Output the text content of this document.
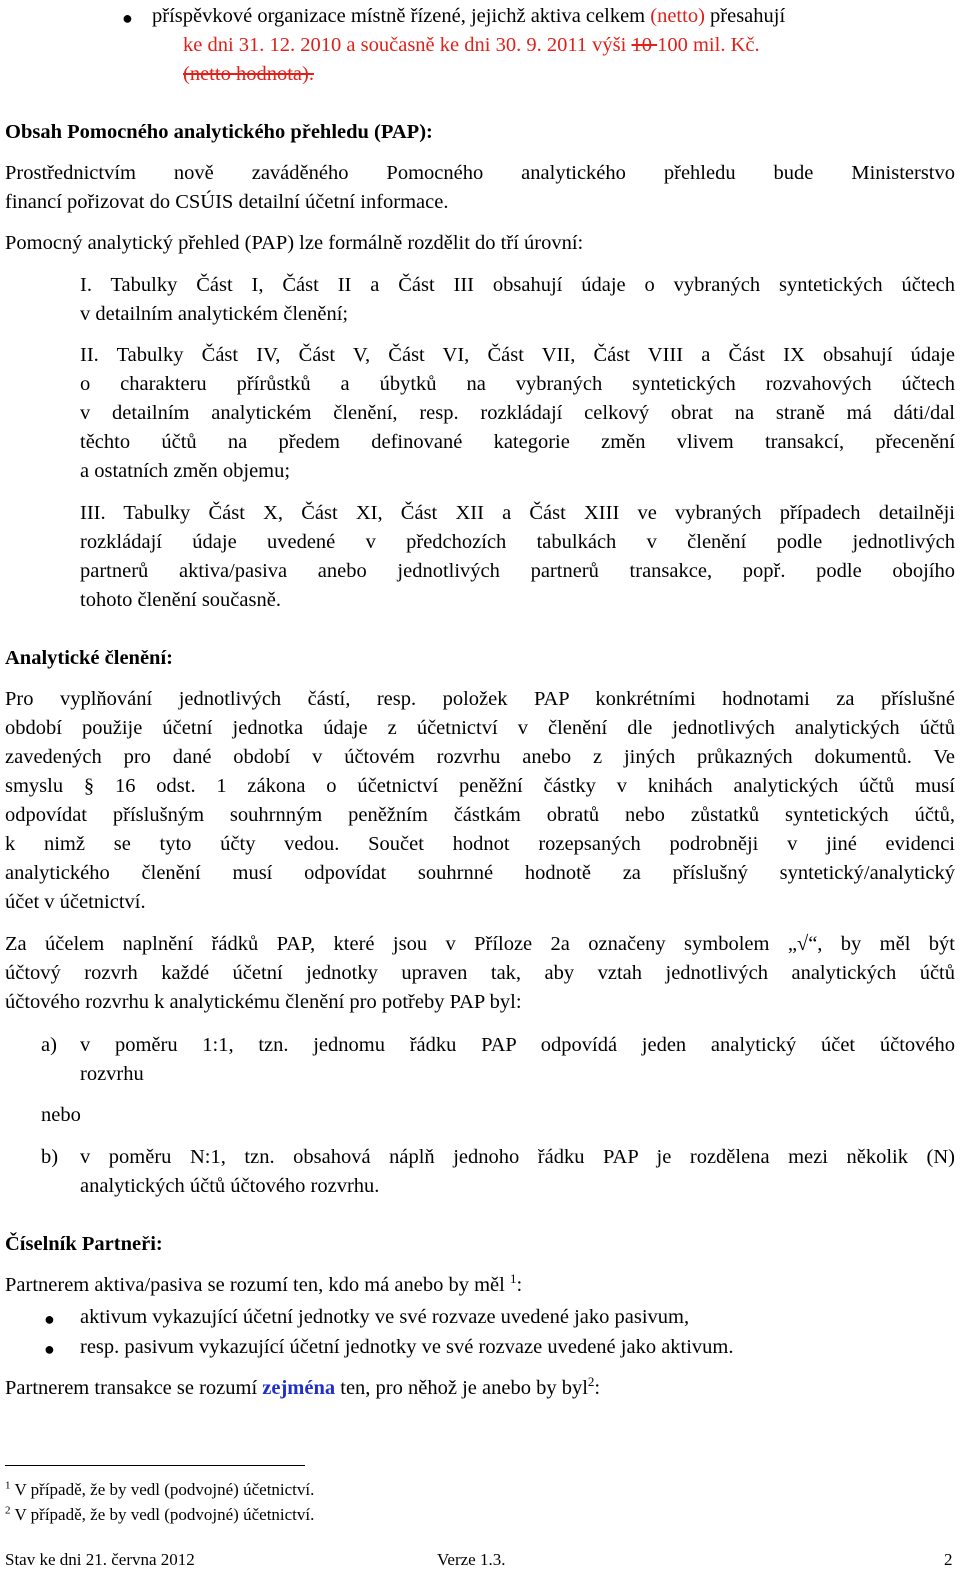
● příspěvkové organizace místně řízené, jejichž aktiva celkem (netto) přesahují
ke dni 31. 12. 2010 a současně ke dni 30. 9. 2011 výši 10 100 mil. Kč.
(netto hodnota).
Obsah Pomocného analytického přehledu (PAP):
Prostřednictvím nově zaváděného Pomocného analytického přehledu bude Ministerstvo
financí pořizovat do CSÚIS detailní účetní informace.
Pomocný analytický přehled (PAP) lze formálně rozdělit do tří úrovní:
I. Tabulky Část I, Část II a Část III obsahují údaje o vybraných syntetických účtech
v detailním analytickém členění;
II. Tabulky Část IV, Část V, Část VI, Část VII, Část VIII a Část IX obsahují údaje
o charakteru přírůstků a úbytků na vybraných syntetických rozvahových účtech
v detailním analytickém členění, resp. rozkládají celkový obrat na straně má dáti/dal
těchto účtů na předem definované kategorie změn vlivem transakcí, přecenění
a ostatních změn objemu;
III. Tabulky Část X, Část XI, Část XII a Část XIII ve vybraných případech detailněji
rozkládají údaje uvedené v předchozích tabulkách v členění podle jednotlivých
partnerů aktiva/pasiva anebo jednotlivých partnerů transakce, popř. podle obojího
tohoto členění současně.
Analytické členění:
Pro vyplňování jednotlivých částí, resp. položek PAP konkrétními hodnotami za příslušné
období použije účetní jednotka údaje z účetnictví v členění dle jednotlivých analytických účtů
zavedených pro dané období v účtovém rozvrhu anebo z jiných průkazných dokumentů. Ve
smyslu § 16 odst. 1 zákona o účetnictví peněžní částky v knihách analytických účtů musí
odpovídat příslušným souhrnným peněžním částkám obratů nebo zůstatků syntetických účtů,
k nimž se tyto účty vedou. Součet hodnot rozepsaných podrobněji v jiné evidenci
analytického členění musí odpovídat souhrnné hodnotě za příslušný syntetický/analytický
účet v účetnictví.
Za účelem naplnění řádků PAP, které jsou v Příloze 2a označeny symbolem „√“, by měl být
účtový rozvrh každé účetní jednotky upraven tak, aby vztah jednotlivých analytických účtů
účtového rozvrhu k analytickému členění pro potřeby PAP byl:
a) v poměru 1:1, tzn. jednomu řádku PAP odpovídá jeden analytický účet účtového
rozvrhu
nebo
b) v poměru N:1, tzn. obsahová náplň jednoho řádku PAP je rozdělena mezi několik (N)
analytických účtů účtového rozvrhu.
Číselník Partneři:
Partnerem aktiva/pasiva se rozumí ten, kdo má anebo by měl $^1$:
● aktivum vykazující účetní jednotky ve své rozvaze uvedené jako pasivum,
● resp. pasivum vykazující účetní jednotky ve své rozvaze uvedené jako aktivum.
Partnerem transakce se rozumí zejména ten, pro něhož je anebo by byl$^2$:
$^1$ V případě, že by vedl (podvojné) účetnictví.
$^2$ V případě, že by vedl (podvojné) účetnictví.
Stav ke dni 21. června 2012	Verze 1.3.	2
